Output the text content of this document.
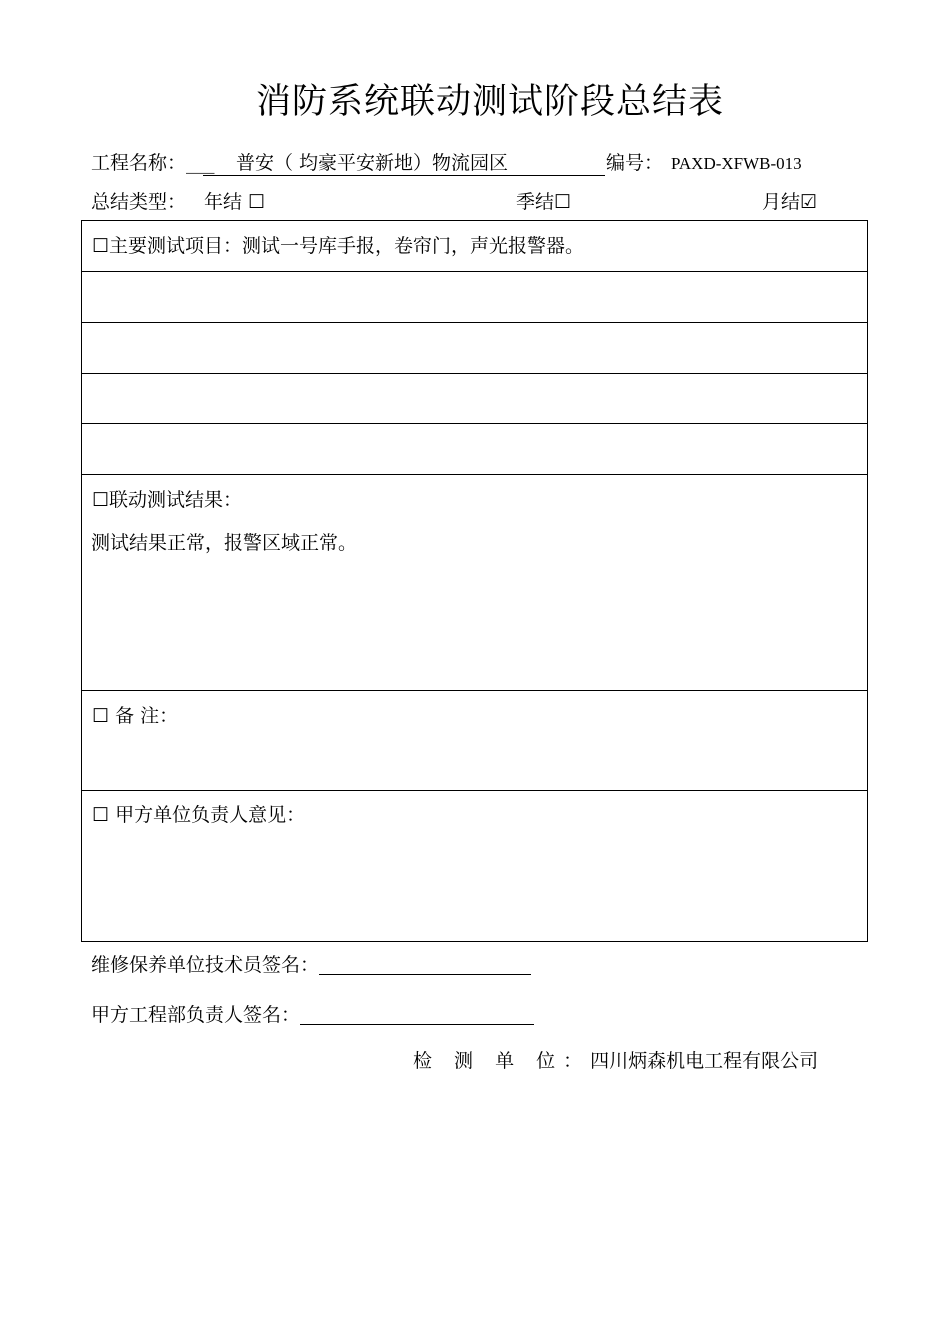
消防系统联动测试阶段总结表
工程名称：___	普安（ 均豪平安新地）物流园区	编号： PAXD-XFWB-013
总结类型： 年结 ☐	季结☐	月结☑
☐主要测试项目：测试一号库手报，卷帘门，声光报警器。
☐联动测试结果：
测试结果正常，报警区域正常。
☐ 备 注：
☐ 甲方单位负责人意见：
维修保养单位技术员签名：
甲方工程部负责人签名：
检 测 单 位：四川炳森机电工程有限公司
